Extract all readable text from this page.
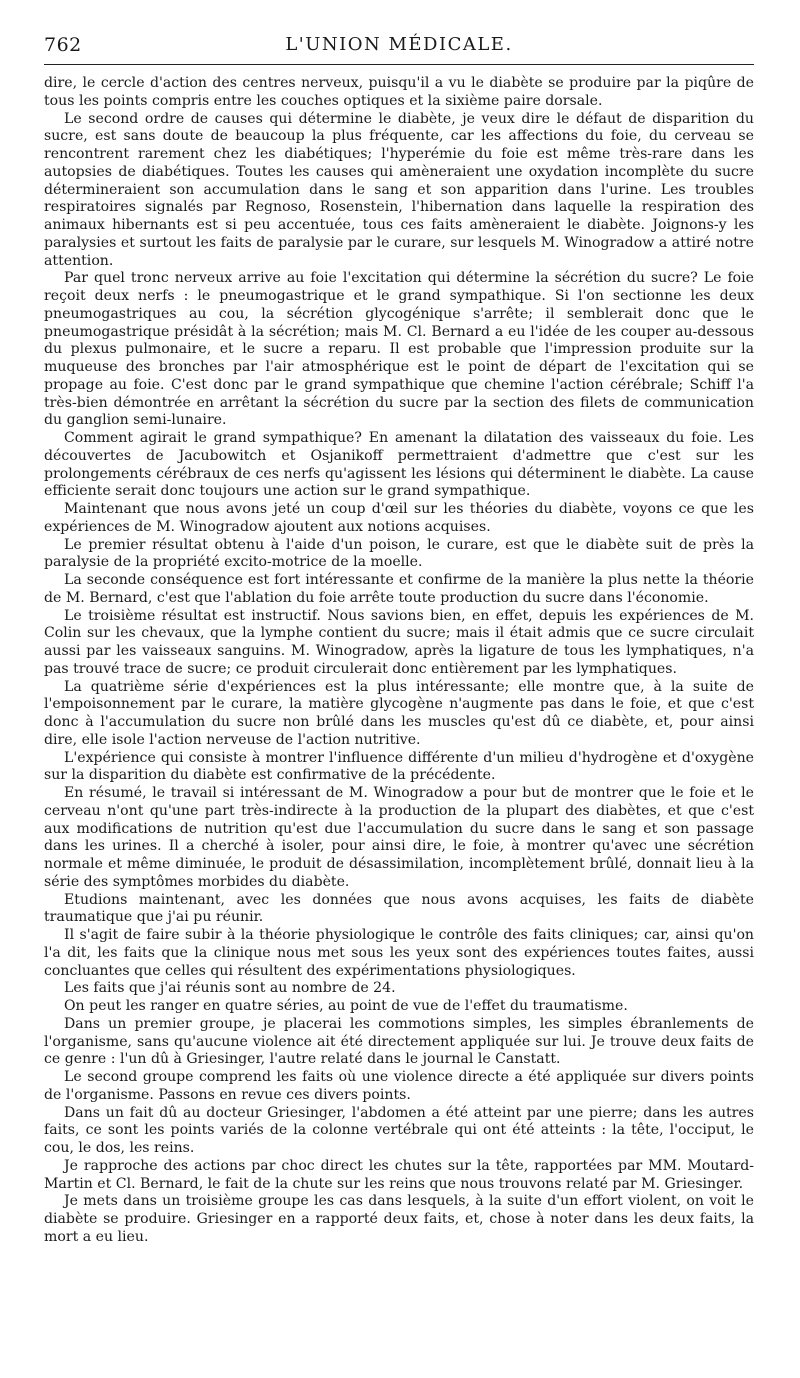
762	L'UNION MÉDICALE.

dire, le cercle d'action des centres nerveux, puisqu'il a vu le diabète se produire par la piqûre de tous les points compris entre les couches optiques et la sixième paire dorsale.

Le second ordre de causes qui détermine le diabète, je veux dire le défaut de disparition du sucre, est sans doute de beaucoup la plus fréquente, car les affections du foie, du cerveau se rencontrent rarement chez les diabétiques; l'hyperémie du foie est même très-rare dans les autopsies de diabétiques. Toutes les causes qui amèneraient une oxydation incomplète du sucre détermineraient son accumulation dans le sang et son apparition dans l'urine. Les troubles respiratoires signalés par Regnoso, Rosenstein, l'hibernation dans laquelle la respiration des animaux hibernants est si peu accentuée, tous ces faits amèneraient le diabète. Joignons-y les paralysies et surtout les faits de paralysie par le curare, sur lesquels M. Winogradow a attiré notre attention.

Par quel tronc nerveux arrive au foie l'excitation qui détermine la sécrétion du sucre? Le foie reçoit deux nerfs : le pneumogastrique et le grand sympathique. Si l'on sectionne les deux pneumogastriques au cou, la sécrétion glycogénique s'arrête; il semblerait donc que le pneumogastrique présidât à la sécrétion; mais M. Cl. Bernard a eu l'idée de les couper au-dessous du plexus pulmonaire, et le sucre a reparu. Il est probable que l'impression produite sur la muqueuse des bronches par l'air atmosphérique est le point de départ de l'excitation qui se propage au foie. C'est donc par le grand sympathique que chemine l'action cérébrale; Schiff l'a très-bien démontrée en arrêtant la sécrétion du sucre par la section des filets de communication du ganglion semi-lunaire.

Comment agirait le grand sympathique? En amenant la dilatation des vaisseaux du foie. Les découvertes de Jacubowitch et Osjanikoff permettraient d'admettre que c'est sur les prolongements cérébraux de ces nerfs qu'agissent les lésions qui déterminent le diabète. La cause efficiente serait donc toujours une action sur le grand sympathique.

Maintenant que nous avons jeté un coup d'œil sur les théories du diabète, voyons ce que les expériences de M. Winogradow ajoutent aux notions acquises.

Le premier résultat obtenu à l'aide d'un poison, le curare, est que le diabète suit de près la paralysie de la propriété excito-motrice de la moelle.

La seconde conséquence est fort intéressante et confirme de la manière la plus nette la théorie de M. Bernard, c'est que l'ablation du foie arrête toute production du sucre dans l'économie.

Le troisième résultat est instructif. Nous savions bien, en effet, depuis les expériences de M. Colin sur les chevaux, que la lymphe contient du sucre; mais il était admis que ce sucre circulait aussi par les vaisseaux sanguins. M. Winogradow, après la ligature de tous les lymphatiques, n'a pas trouvé trace de sucre; ce produit circulerait donc entièrement par les lymphatiques.

La quatrième série d'expériences est la plus intéressante; elle montre que, à la suite de l'empoisonnement par le curare, la matière glycogène n'augmente pas dans le foie, et que c'est donc à l'accumulation du sucre non brûlé dans les muscles qu'est dû ce diabète, et, pour ainsi dire, elle isole l'action nerveuse de l'action nutritive.

L'expérience qui consiste à montrer l'influence différente d'un milieu d'hydrogène et d'oxygène sur la disparition du diabète est confirmative de la précédente.

En résumé, le travail si intéressant de M. Winogradow a pour but de montrer que le foie et le cerveau n'ont qu'une part très-indirecte à la production de la plupart des diabètes, et que c'est aux modifications de nutrition qu'est due l'accumulation du sucre dans le sang et son passage dans les urines. Il a cherché à isoler, pour ainsi dire, le foie, à montrer qu'avec une sécrétion normale et même diminuée, le produit de désassimilation, incomplètement brûlé, donnait lieu à la série des symptômes morbides du diabète.

Etudions maintenant, avec les données que nous avons acquises, les faits de diabète traumatique que j'ai pu réunir.

Il s'agit de faire subir à la théorie physiologique le contrôle des faits cliniques; car, ainsi qu'on l'a dit, les faits que la clinique nous met sous les yeux sont des expériences toutes faites, aussi concluantes que celles qui résultent des expérimentations physiologiques.

Les faits que j'ai réunis sont au nombre de 24.

On peut les ranger en quatre séries, au point de vue de l'effet du traumatisme.

Dans un premier groupe, je placerai les commotions simples, les simples ébranlements de l'organisme, sans qu'aucune violence ait été directement appliquée sur lui. Je trouve deux faits de ce genre : l'un dû à Griesinger, l'autre relaté dans le journal le Canstatt.

Le second groupe comprend les faits où une violence directe a été appliquée sur divers points de l'organisme. Passons en revue ces divers points.

Dans un fait dû au docteur Griesinger, l'abdomen a été atteint par une pierre; dans les autres faits, ce sont les points variés de la colonne vertébrale qui ont été atteints : la tête, l'occiput, le cou, le dos, les reins.

Je rapproche des actions par choc direct les chutes sur la tête, rapportées par MM. Moutard-Martin et Cl. Bernard, le fait de la chute sur les reins que nous trouvons relaté par M. Griesinger.

Je mets dans un troisième groupe les cas dans lesquels, à la suite d'un effort violent, on voit le diabète se produire. Griesinger en a rapporté deux faits, et, chose à noter dans les deux faits, la mort a eu lieu.
